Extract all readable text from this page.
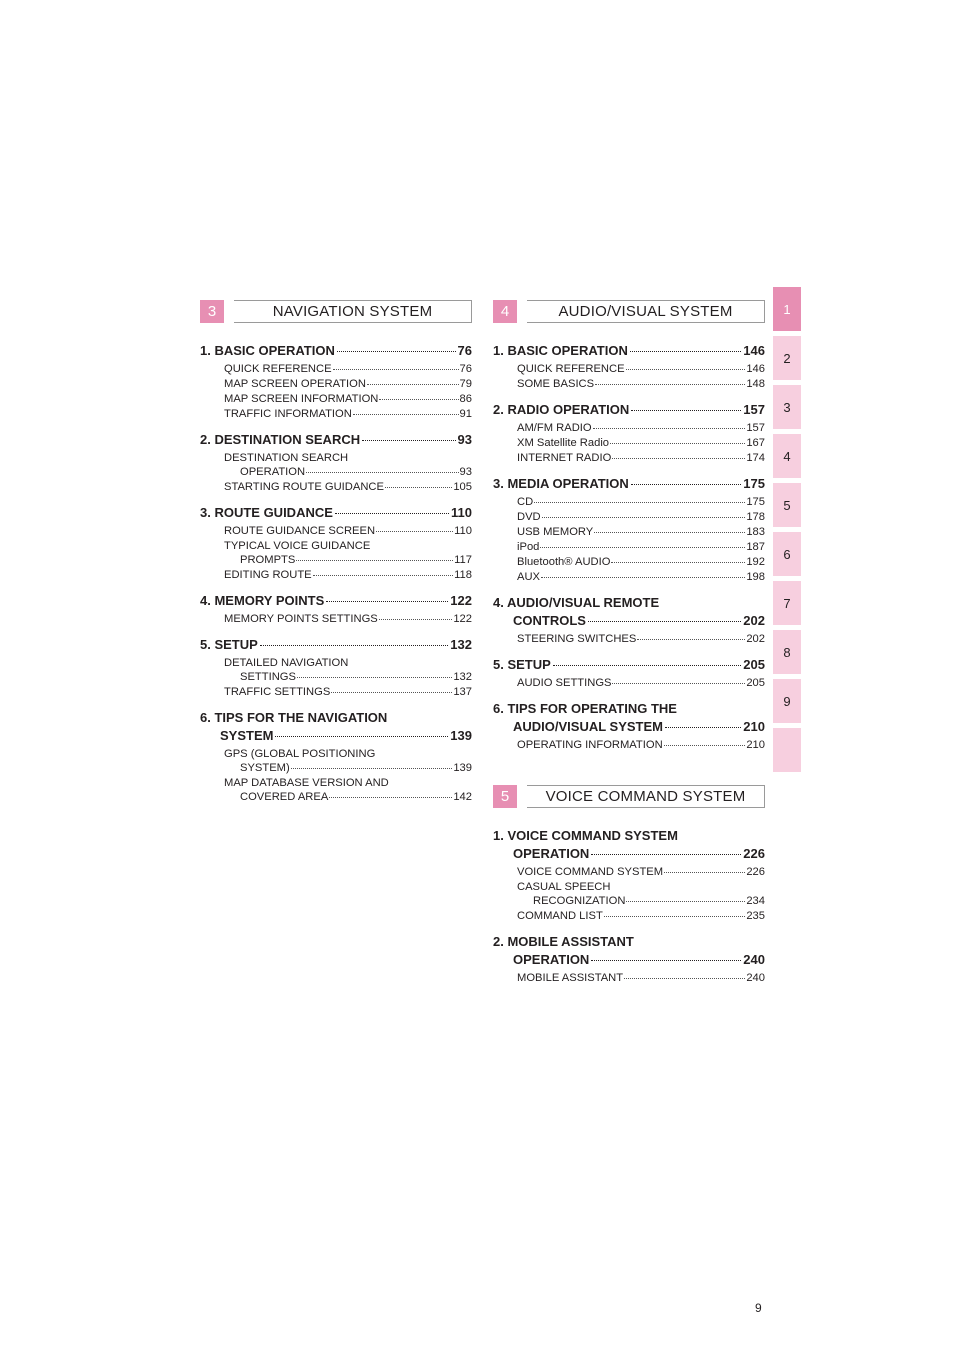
3	NAVIGATION SYSTEM
1. BASIC OPERATION	76
QUICK REFERENCE	76
MAP SCREEN OPERATION	79
MAP SCREEN INFORMATION	86
TRAFFIC INFORMATION	91
2. DESTINATION SEARCH	93
DESTINATION SEARCH
OPERATION	93
STARTING ROUTE GUIDANCE	105
3. ROUTE GUIDANCE	110
ROUTE GUIDANCE SCREEN	110
TYPICAL VOICE GUIDANCE
PROMPTS	117
EDITING ROUTE	118
4. MEMORY POINTS	122
MEMORY POINTS SETTINGS	122
5. SETUP	132
DETAILED NAVIGATION
SETTINGS	132
TRAFFIC SETTINGS	137
6. TIPS FOR THE NAVIGATION
SYSTEM	139
GPS (GLOBAL POSITIONING
SYSTEM)	139
MAP DATABASE VERSION AND
COVERED AREA	142
4	AUDIO/VISUAL SYSTEM
1. BASIC OPERATION	146
QUICK REFERENCE	146
SOME BASICS	148
2. RADIO OPERATION	157
AM/FM RADIO	157
XM Satellite Radio	167
INTERNET RADIO	174
3. MEDIA OPERATION	175
CD	175
DVD	178
USB MEMORY	183
iPod	187
Bluetooth® AUDIO	192
AUX	198
4. AUDIO/VISUAL REMOTE
CONTROLS	202
STEERING SWITCHES	202
5. SETUP	205
AUDIO SETTINGS	205
6. TIPS FOR OPERATING THE
AUDIO/VISUAL SYSTEM	210
OPERATING INFORMATION	210
5	VOICE COMMAND SYSTEM
1. VOICE COMMAND SYSTEM
OPERATION	226
VOICE COMMAND SYSTEM	226
CASUAL SPEECH
RECOGNIZATION	234
COMMAND LIST	235
2. MOBILE ASSISTANT
OPERATION	240
MOBILE ASSISTANT	240
1
2
3
4
5
6
7
8
9
9
